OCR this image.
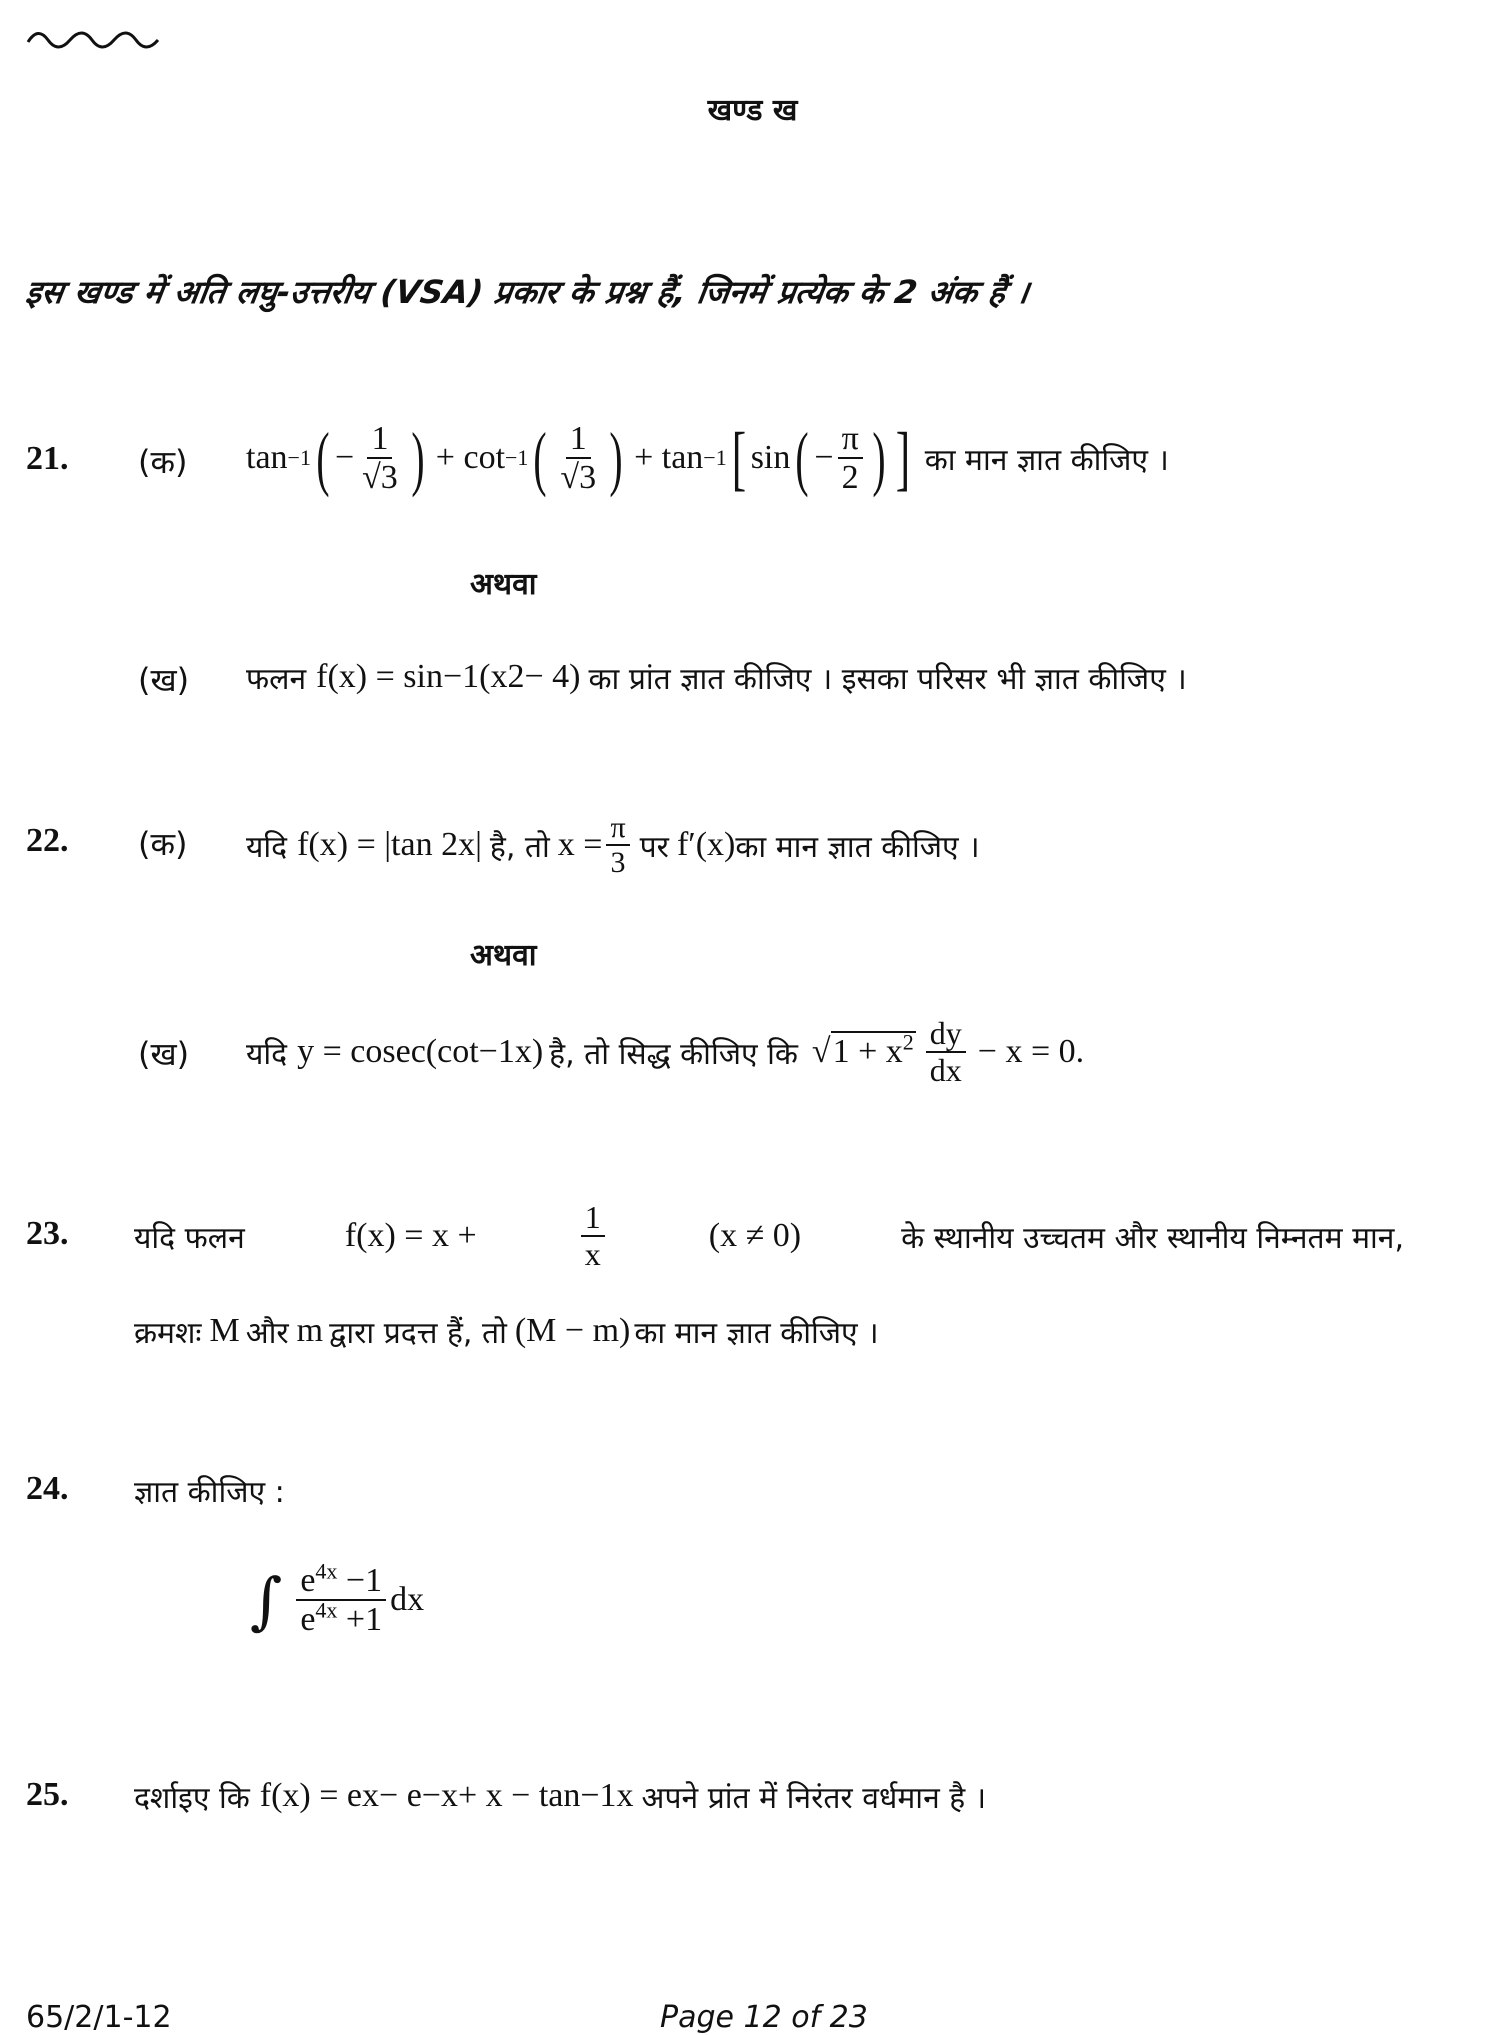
खण्ड ख
इस खण्ड में अति लघु-उत्तरीय (VSA) प्रकार के प्रश्न हैं, जिनमें प्रत्येक के 2 अंक हैं ।
21. (क) tan −1 ( − $\frac{1}{√3}$ ) + cot −1 ( $\frac{1}{√3}$ ) + tan −1 [ sin ( − $\frac{\pi}{2}$ ) ] का मान ज्ञात कीजिए ।
अथवा
(ख) फलन f(x) = sin −1 (x 2 − 4) का प्रांत ज्ञात कीजिए । इसका परिसर भी ज्ञात कीजिए ।
22. (क) यदि f(x) = |tan 2x| है, तो $x = \frac{\pi}{3}$ पर f′(x) का मान ज्ञात कीजिए ।
अथवा
(ख) यदि y = cosec(cot −1 x) है, तो सिद्ध कीजिए कि $√1 + x^2 \frac{dy}{dx} - x = 0$.
23. यदि फलन	f(x) = x +	$\frac{1}{x}$	(x ≠ 0)	के स्थानीय उच्चतम और स्थानीय निम्नतम मान,
क्रमशः M और m द्वारा प्रदत्त हैं, तो (M − m) का मान ज्ञात कीजिए ।
24. ज्ञात कीजिए :
∫ $\frac{e^{4x} -1}{e^{4x} +1}$ dx
25. दर्शाइए कि f(x) = e x − e −x + x − tan −1 x अपने प्रांत में निरंतर वर्धमान है ।
65/2/1-12	Page 12 of 23
